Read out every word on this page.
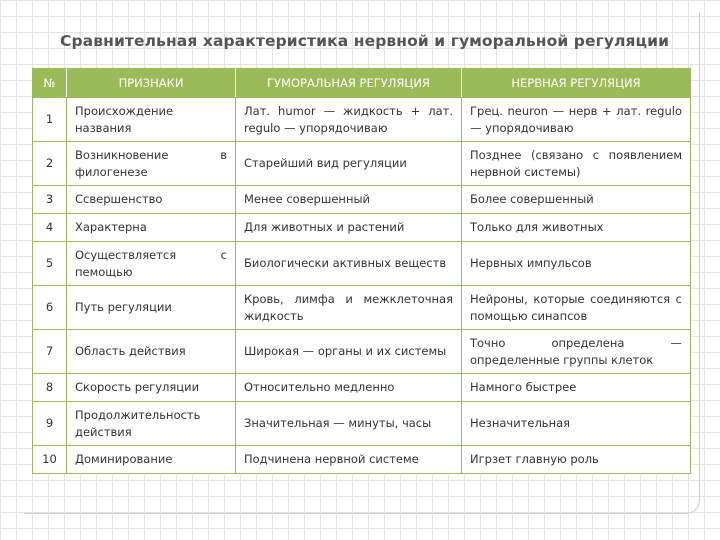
Сравнительная характеристика нервной и гуморальной регуляции
№	ПРИЗНАКИ	ГУМОРАЛЬНАЯ РЕГУЛЯЦИЯ	НЕРВНАЯ РЕГУЛЯЦИЯ
1	Происхождение названия	Лат. humor — жидкость + лат. regulo — упорядочиваю	Грец. neuron — нерв + лат. regulo — упорядочиваю
2	Возникновение в филогенезе	Старейший вид регуляции	Позднее (связано с появлением нервной системы)
3	Ссвершенство	Менее совершенный	Более совершенный
4	Характерна	Для животных и растений	Только для животных
5	Осуществляется с пемощью	Биологически активных веществ	Нервных импульсов
6	Путь регуляции	Кровь, лимфа и межклеточная жидкость	Нейроны, которые соединяются с помощью синапсов
7	Область действия	Широкая — органы и их системы	Точно определена — определенные группы клеток
8	Скорость регуляции	Относительно медленно	Намного быстрее
9	Продолжительность действия	Значительная — минуты, часы	Незначительная
10	Доминирование	Подчинена нервной системе	Игрзет главную роль
